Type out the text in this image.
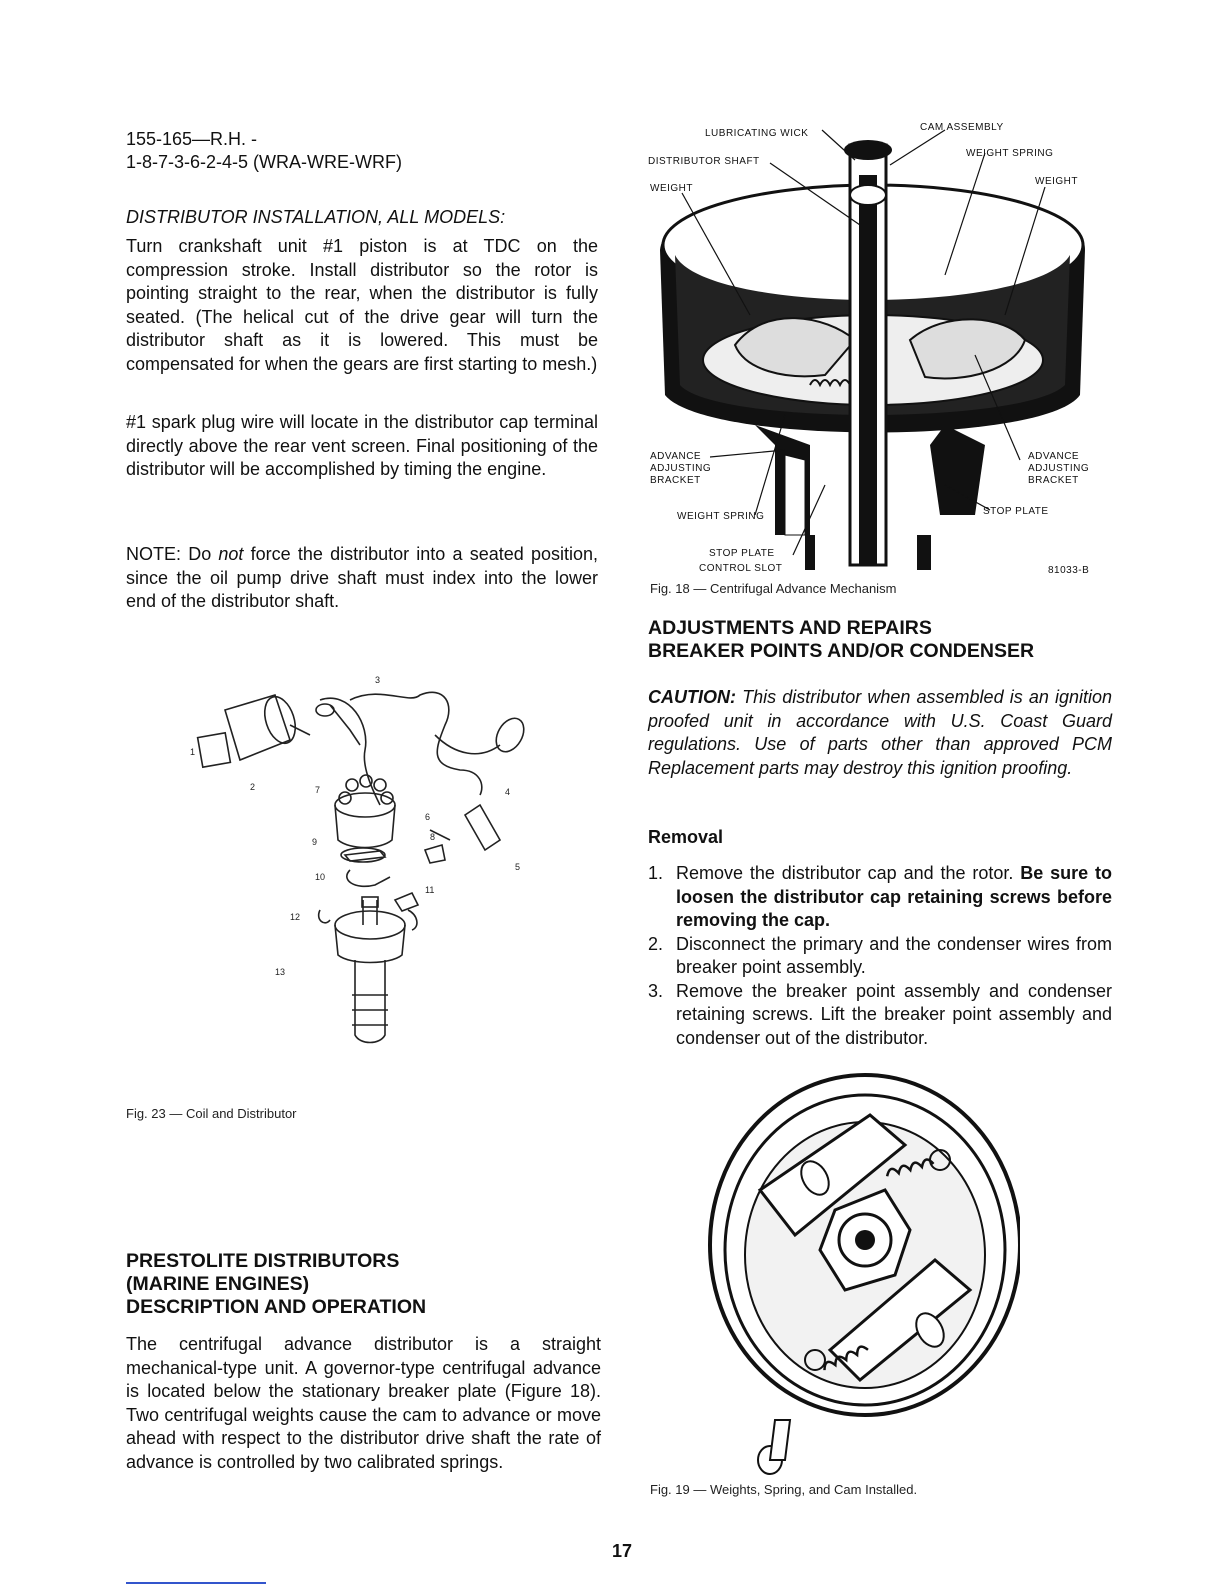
155-165—R.H. -
1-8-7-3-6-2-4-5 (WRA-WRE-WRF)
DISTRIBUTOR INSTALLATION, ALL MODELS:
Turn crankshaft unit #1 piston is at TDC on the compression stroke. Install distributor so the rotor is pointing straight to the rear, when the distributor is fully seated. (The helical cut of the drive gear will turn the distributor shaft as it is lowered. This must be compensated for when the gears are first starting to mesh.)
#1 spark plug wire will locate in the distributor cap terminal directly above the rear vent screen. Final positioning of the distributor will be accomplished by timing the engine.
NOTE: Do not force the distributor into a seated position, since the oil pump drive shaft must index into the lower end of the distributor shaft.
1
2
3
4
5
6
7
8
9
10
11
12
13
Fig. 23 — Coil and Distributor
PRESTOLITE DISTRIBUTORS
(MARINE ENGINES)
DESCRIPTION AND OPERATION
The centrifugal advance distributor is a straight mechanical-type unit. A governor-type centrifugal advance is located below the stationary breaker plate (Figure 18). Two centrifugal weights cause the cam to advance or move ahead with respect to the distributor drive shaft the rate of advance is controlled by two calibrated springs.
LUBRICATING WICK
CAM ASSEMBLY
DISTRIBUTOR SHAFT
WEIGHT SPRING
WEIGHT
WEIGHT
ADVANCE
ADJUSTING
BRACKET
ADVANCE
ADJUSTING
BRACKET
WEIGHT SPRING	STOP PLATE
STOP PLATE
CONTROL SLOT	81033-B
Fig. 18 — Centrifugal Advance Mechanism
ADJUSTMENTS AND REPAIRS
BREAKER POINTS AND/OR CONDENSER
CAUTION: This distributor when assembled is an ignition proofed unit in accordance with U.S. Coast Guard regulations. Use of parts other than approved PCM Replacement parts may destroy this ignition proofing.
Removal
1. Remove the distributor cap and the rotor. Be sure to loosen the distributor cap retaining screws before removing the cap.
2. Disconnect the primary and the condenser wires from breaker point assembly.
3. Remove the breaker point assembly and condenser retaining screws. Lift the breaker point assembly and condenser out of the distributor.
Fig. 19 — Weights, Spring, and Cam Installed.
17
